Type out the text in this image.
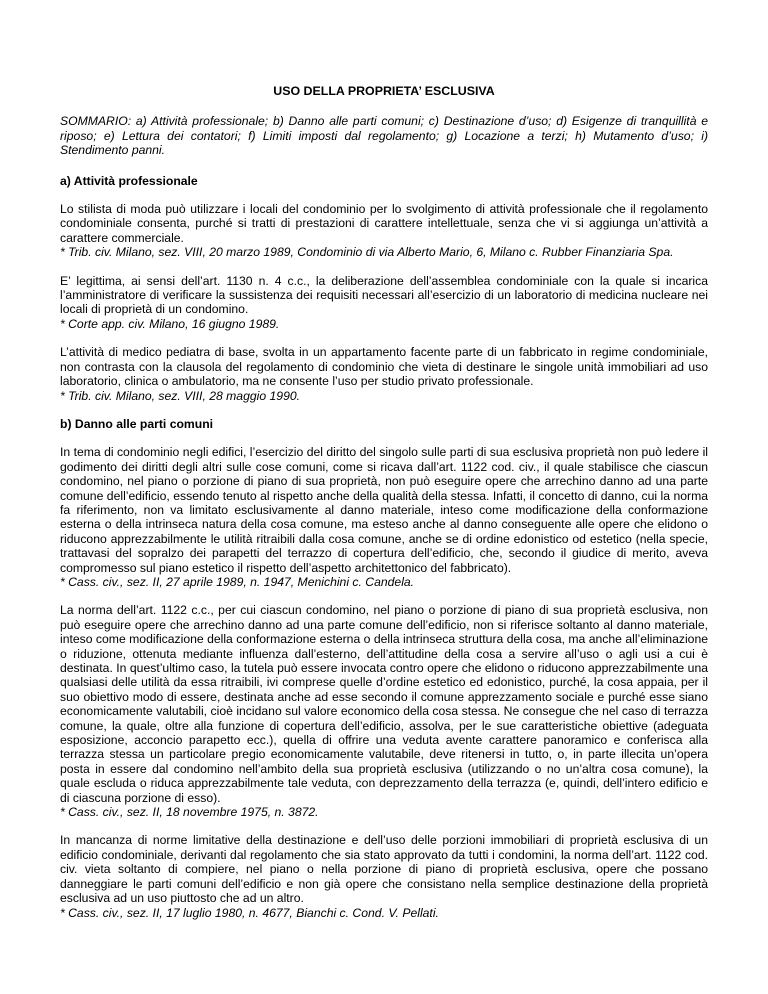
USO DELLA PROPRIETA’ ESCLUSIVA
SOMMARIO: a) Attività professionale; b) Danno alle parti comuni; c) Destinazione d’uso; d) Esigenze di tranquillità e riposo; e) Lettura dei contatori; f) Limiti imposti dal regolamento; g) Locazione a terzi; h) Mutamento d’uso; i) Stendimento panni.
a) Attività professionale

Lo stilista di moda può utilizzare i locali del condominio per lo svolgimento di attività professionale che il regolamento condominiale consenta, purché si tratti di prestazioni di carattere intellettuale, senza che vi si aggiunga un’attività a carattere commerciale.

* Trib. civ. Milano, sez. VIII, 20 marzo 1989, Condominio di via Alberto Mario, 6, Milano c. Rubber Finanziaria Spa.

E’ legittima, ai sensi dell’art. 1130 n. 4 c.c., la deliberazione dell’assemblea condominiale con la quale si incarica l’amministratore di verificare la sussistenza dei requisiti necessari all’esercizio di un laboratorio di medicina nucleare nei locali di proprietà di un condomino.

* Corte app. civ. Milano, 16 giugno 1989.

L’attività di medico pediatra di base, svolta in un appartamento facente parte di un fabbricato in regime condominiale, non contrasta con la clausola del regolamento di condominio che vieta di destinare le singole unità immobiliari ad uso laboratorio, clinica o ambulatorio, ma ne consente l’uso per studio privato professionale.

* Trib. civ. Milano, sez. VIII, 28 maggio 1990.

b) Danno alle parti comuni

In tema di condominio negli edifici, l’esercizio del diritto del singolo sulle parti di sua esclusiva proprietà non può ledere il godimento dei diritti degli altri sulle cose comuni, come si ricava dall’art. 1122 cod. civ., il quale stabilisce che ciascun condomino, nel piano o porzione di piano di sua proprietà, non può eseguire opere che arrechino danno ad una parte comune dell’edificio, essendo tenuto al rispetto anche della qualità della stessa. Infatti, il concetto di danno, cui la norma fa riferimento, non va limitato esclusivamente al danno materiale, inteso come modificazione della conformazione esterna o della intrinseca natura della cosa comune, ma esteso anche al danno conseguente alle opere che elidono o riducono apprezzabilmente le utilità ritraibili dalla cosa comune, anche se di ordine edonistico od estetico (nella specie, trattavasi del sopralzo dei parapetti del terrazzo di copertura dell’edificio, che, secondo il giudice di merito, aveva compromesso sul piano estetico il rispetto dell’aspetto architettonico del fabbricato).

* Cass. civ., sez. II, 27 aprile 1989, n. 1947, Menichini c. Candela.

La norma dell’art. 1122 c.c., per cui ciascun condomino, nel piano o porzione di piano di sua proprietà esclusiva, non può eseguire opere che arrechino danno ad una parte comune dell’edificio, non si riferisce soltanto al danno materiale, inteso come modificazione della conformazione esterna o della intrinseca struttura della cosa, ma anche all’eliminazione o riduzione, ottenuta mediante influenza dall’esterno, dell’attitudine della cosa a servire all’uso o agli usi a cui è destinata. In quest’ultimo caso, la tutela può essere invocata contro opere che elidono o riducono apprezzabilmente una qualsiasi delle utilità da essa ritraibili, ivi comprese quelle d’ordine estetico ed edonistico, purché, la cosa appaia, per il suo obiettivo modo di essere, destinata anche ad esse secondo il comune apprezzamento sociale e purché esse siano economicamente valutabili, cioè incidano sul valore economico della cosa stessa. Ne consegue che nel caso di terrazza comune, la quale, oltre alla funzione di copertura dell’edificio, assolva, per le sue caratteristiche obiettive (adeguata esposizione, acconcio parapetto ecc.), quella di offrire una veduta avente carattere panoramico e conferisca alla terrazza stessa un particolare pregio economicamente valutabile, deve ritenersi in tutto, o, in parte illecita un’opera posta in essere dal condomino nell’ambito della sua proprietà esclusiva (utilizzando o no un’altra cosa comune), la quale escluda o riduca apprezzabilmente tale veduta, con deprezzamento della terrazza (e, quindi, dell’intero edificio e di ciascuna porzione di esso).

* Cass. civ., sez. II, 18 novembre 1975, n. 3872.

In mancanza di norme limitative della destinazione e dell’uso delle porzioni immobiliari di proprietà esclusiva di un edificio condominiale, derivanti dal regolamento che sia stato approvato da tutti i condomini, la norma dell’art. 1122 cod. civ. vieta soltanto di compiere, nel piano o nella porzione di piano di proprietà esclusiva, opere che possano danneggiare le parti comuni dell’edificio e non già opere che consistano nella semplice destinazione della proprietà esclusiva ad un uso piuttosto che ad un altro.

* Cass. civ., sez. II, 17 luglio 1980, n. 4677, Bianchi c. Cond. V. Pellati.
